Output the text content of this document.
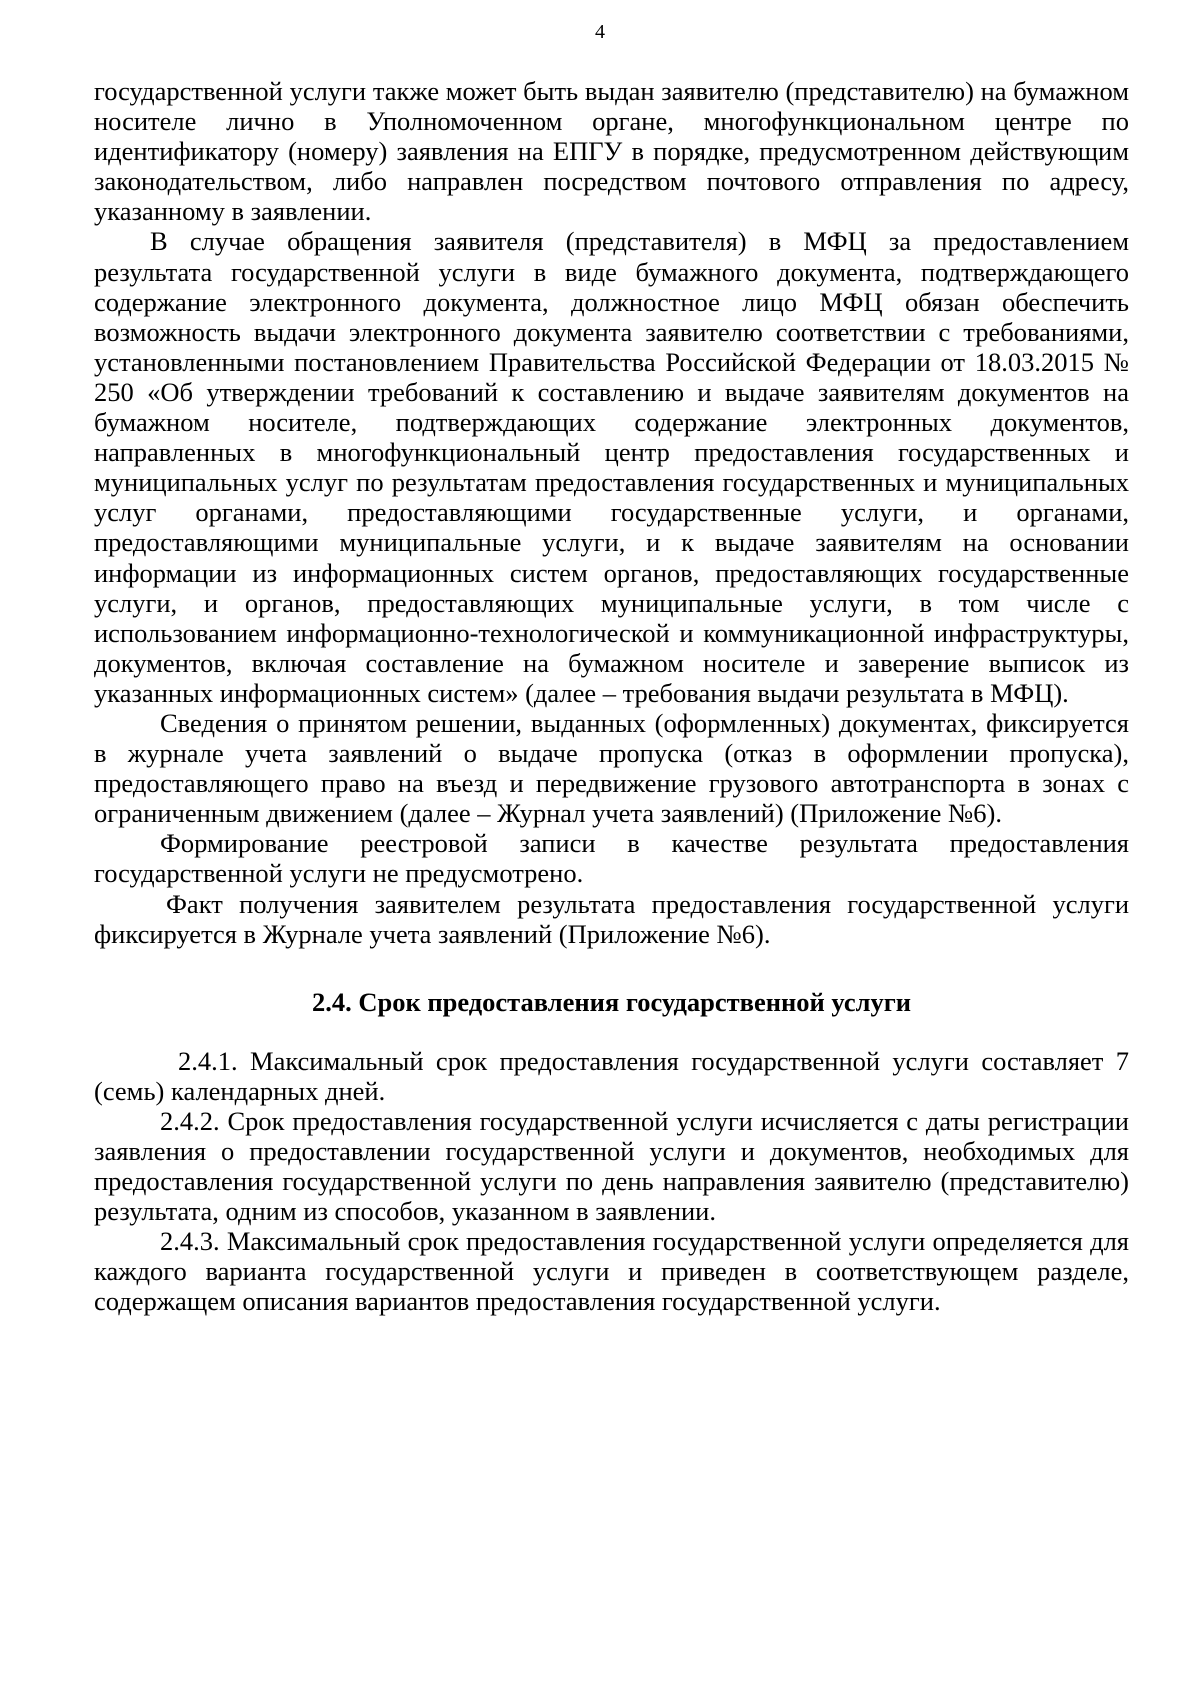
4

государственной услуги также может быть выдан заявителю (представителю) на бумажном носителе лично в Уполномоченном органе, многофункциональном центре по идентификатору (номеру) заявления на ЕПГУ в порядке, предусмотренном действующим законодательством, либо направлен посредством почтового отправления по адресу, указанному в заявлении.

В случае обращения заявителя (представителя) в МФЦ за предоставлением результата государственной услуги в виде бумажного документа, подтверждающего содержание электронного документа, должностное лицо МФЦ обязан обеспечить возможность выдачи электронного документа заявителю соответствии с требованиями, установленными постановлением Правительства Российской Федерации от 18.03.2015 № 250 «Об утверждении требований к составлению и выдаче заявителям документов на бумажном носителе, подтверждающих содержание электронных документов, направленных в многофункциональный центр предоставления государственных и муниципальных услуг по результатам предоставления государственных и муниципальных услуг органами, предоставляющими государственные услуги, и органами, предоставляющими муниципальные услуги, и к выдаче заявителям на основании информации из информационных систем органов, предоставляющих государственные услуги, и органов, предоставляющих муниципальные услуги, в том числе с использованием информационно-технологической и коммуникационной инфраструктуры, документов, включая составление на бумажном носителе и заверение выписок из указанных информационных систем» (далее – требования выдачи результата в МФЦ).

Сведения о принятом решении, выданных (оформленных) документах, фиксируется в журнале учета заявлений о выдаче пропуска (отказ в оформлении пропуска), предоставляющего право на въезд и передвижение грузового автотранспорта в зонах с ограниченным движением (далее – Журнал учета заявлений) (Приложение №6).

Формирование реестровой записи в качестве результата предоставления государственной услуги не предусмотрено.

Факт получения заявителем результата предоставления государственной услуги фиксируется в Журнале учета заявлений (Приложение №6).

2.4. Срок предоставления государственной услуги

2.4.1. Максимальный срок предоставления государственной услуги составляет 7 (семь) календарных дней.

2.4.2. Срок предоставления государственной услуги исчисляется с даты регистрации заявления о предоставлении государственной услуги и документов, необходимых для предоставления государственной услуги по день направления заявителю (представителю) результата, одним из способов, указанном в заявлении.

2.4.3. Максимальный срок предоставления государственной услуги определяется для каждого варианта государственной услуги и приведен в соответствующем разделе, содержащем описания вариантов предоставления государственной услуги.
